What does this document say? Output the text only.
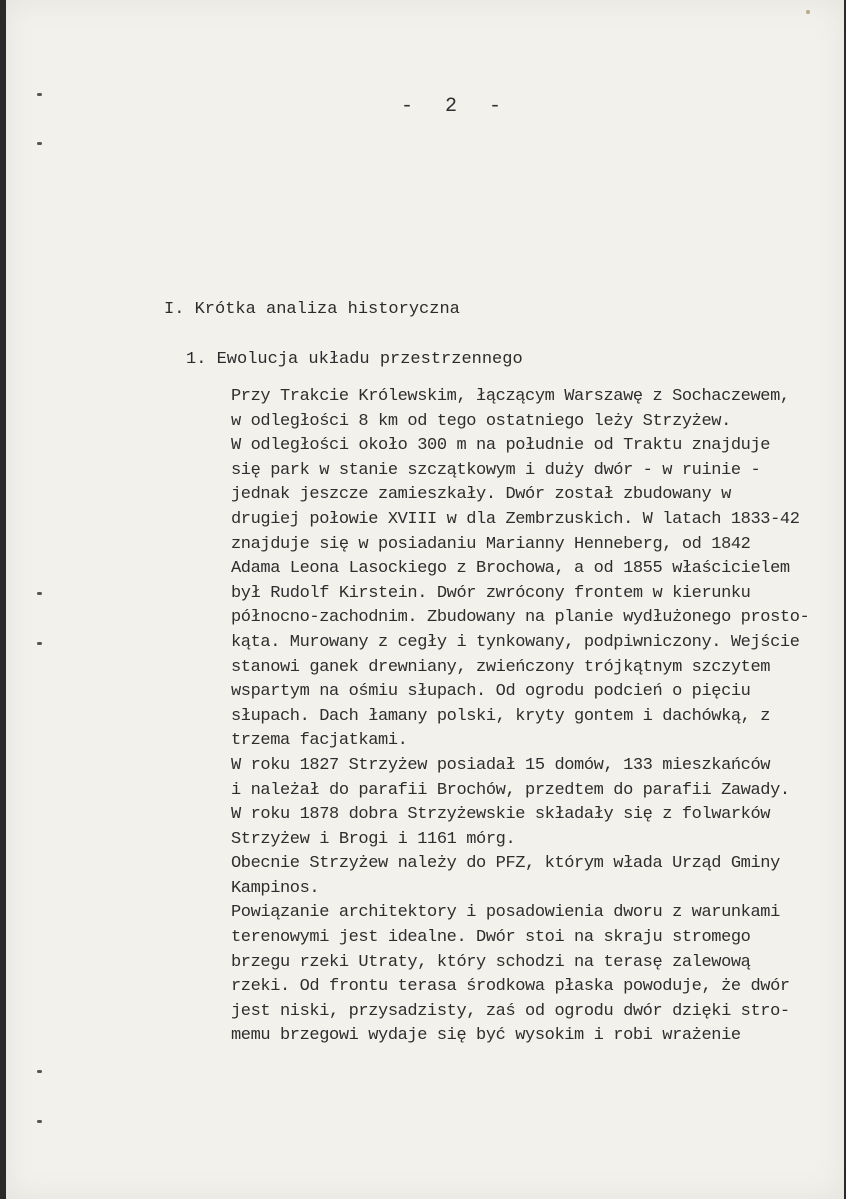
- 2 -
I. Krótka analiza historyczna
1. Ewolucja układu przestrzennego
Przy Trakcie Królewskim, łączącym Warszawę z Sochaczewem,
w odległości 8 km od tego ostatniego leży Strzyżew.
W odległości około 300 m na południe od Traktu znajduje
się park w stanie szczątkowym i duży dwór - w ruinie -
jednak jeszcze zamieszkały. Dwór został zbudowany w
drugiej połowie XVIII w dla Zembrzuskich. W latach 1833-42
znajduje się w posiadaniu Marianny Henneberg, od 1842
Adama Leona Lasockiego z Brochowa, a od 1855 właścicielem
był Rudolf Kirstein. Dwór zwrócony frontem w kierunku
północno-zachodnim. Zbudowany na planie wydłużonego prosto-
kąta. Murowany z cegły i tynkowany, podpiwniczony. Wejście
stanowi ganek drewniany, zwieńczony trójkątnym szczytem
wspartym na ośmiu słupach. Od ogrodu podcień o pięciu
słupach. Dach łamany polski, kryty gontem i dachówką, z
trzema facjatkami.
W roku 1827 Strzyżew posiadał 15 domów, 133 mieszkańców
i należał do parafii Brochów, przedtem do parafii Zawady.
W roku 1878 dobra Strzyżewskie składały się z folwarków
Strzyżew i Brogi i 1161 mórg.
Obecnie Strzyżew należy do PFZ, którym włada Urząd Gminy
Kampinos.
Powiązanie architektory i posadowienia dworu z warunkami
terenowymi jest idealne. Dwór stoi na skraju stromego
brzegu rzeki Utraty, który schodzi na terasę zalewową
rzeki. Od frontu terasa środkowa płaska powoduje, że dwór
jest niski, przysadzisty, zaś od ogrodu dwór dzięki stro-
memu brzegowi wydaje się być wysokim i robi wrażenie
